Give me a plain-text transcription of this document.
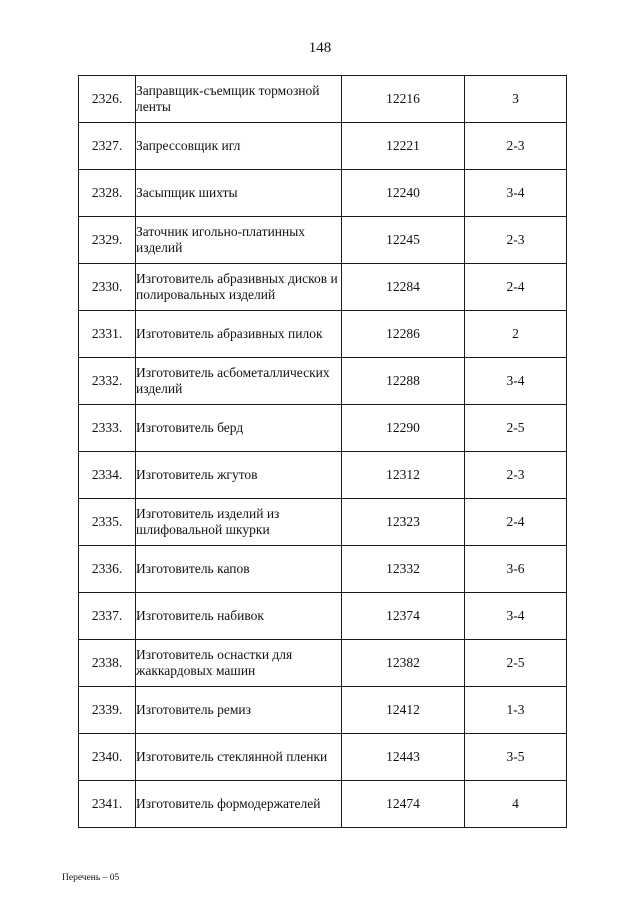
148
2326.	Заправщик-съемщик тормозной
ленты	12216	3
2327.	Запрессовщик игл	12221	2-3
2328.	Засыпщик шихты	12240	3-4
2329.	Заточник игольно-платинных
изделий	12245	2-3
2330.	Изготовитель абразивных дисков и
полировальных изделий	12284	2-4
2331.	Изготовитель абразивных пилок	12286	2
2332.	Изготовитель асбометаллических
изделий	12288	3-4
2333.	Изготовитель берд	12290	2-5
2334.	Изготовитель жгутов	12312	2-3
2335.	Изготовитель изделий из
шлифовальной шкурки	12323	2-4
2336.	Изготовитель капов	12332	3-6
2337.	Изготовитель набивок	12374	3-4
2338.	Изготовитель оснастки для
жаккардовых машин	12382	2-5
2339.	Изготовитель ремиз	12412	1-3
2340.	Изготовитель стеклянной пленки	12443	3-5
2341.	Изготовитель формодержателей	12474	4
Перечень – 05
